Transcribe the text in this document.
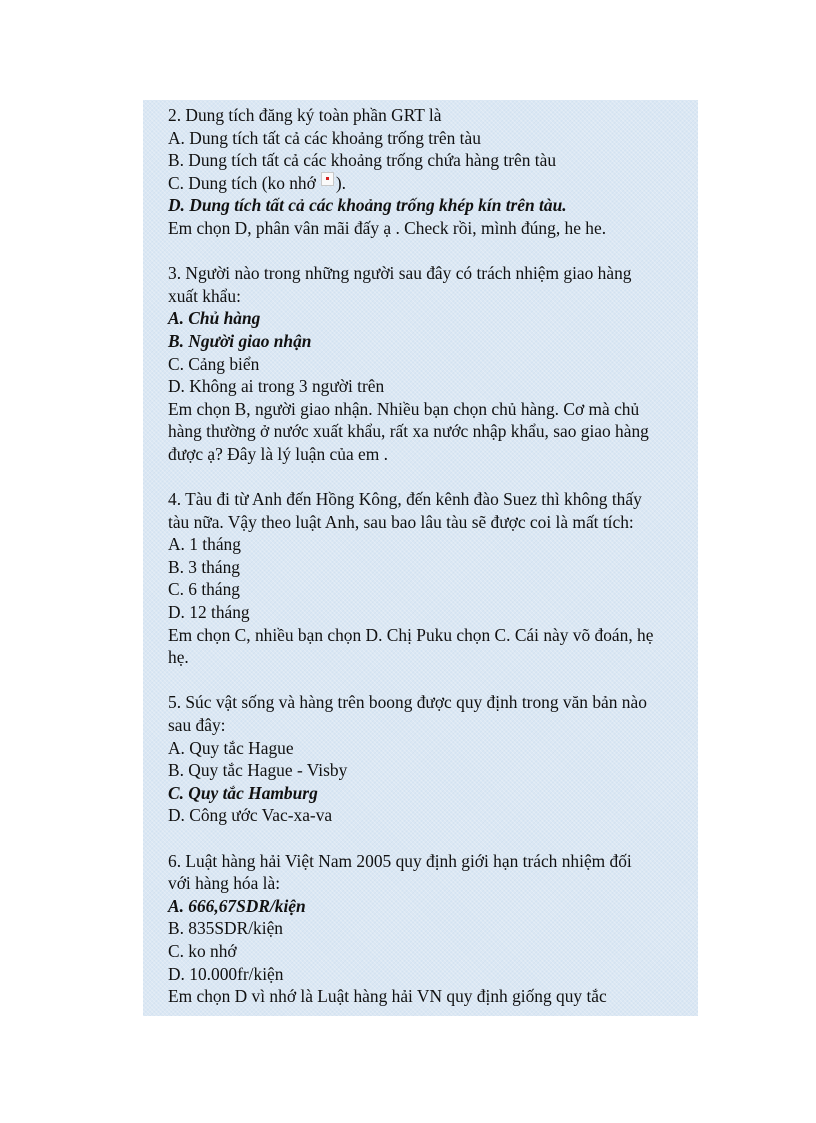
2. Dung tích đăng ký toàn phần GRT là
A. Dung tích tất cả các khoảng trống trên tàu
B. Dung tích tất cả các khoảng trống chứa hàng trên tàu
C. Dung tích (ko nhớ ).
D. Dung tích tất cả các khoảng trống khép kín trên tàu.
Em chọn D, phân vân mãi đấy ạ . Check rồi, mình đúng, he he.
3. Người nào trong những người sau đây có trách nhiệm giao hàng
xuất khẩu:
A. Chủ hàng
B. Người giao nhận
C. Cảng biển
D. Không ai trong 3 người trên
Em chọn B, người giao nhận. Nhiều bạn chọn chủ hàng. Cơ mà chủ
hàng thường ở nước xuất khẩu, rất xa nước nhập khẩu, sao giao hàng
được ạ? Đây là lý luận của em .
4. Tàu đi từ Anh đến Hồng Kông, đến kênh đào Suez thì không thấy
tàu nữa. Vậy theo luật Anh, sau bao lâu tàu sẽ được coi là mất tích:
A. 1 tháng
B. 3 tháng
C. 6 tháng
D. 12 tháng
Em chọn C, nhiều bạn chọn D. Chị Puku chọn C. Cái này võ đoán, hẹ
hẹ.
5. Súc vật sống và hàng trên boong được quy định trong văn bản nào
sau đây:
A. Quy tắc Hague
B. Quy tắc Hague - Visby
C. Quy tắc Hamburg
D. Công ước Vac-xa-va
6. Luật hàng hải Việt Nam 2005 quy định giới hạn trách nhiệm đối
với hàng hóa là:
A. 666,67SDR/kiện
B. 835SDR/kiện
C. ko nhớ
D. 10.000fr/kiện
Em chọn D vì nhớ là Luật hàng hải VN quy định giống quy tắc
